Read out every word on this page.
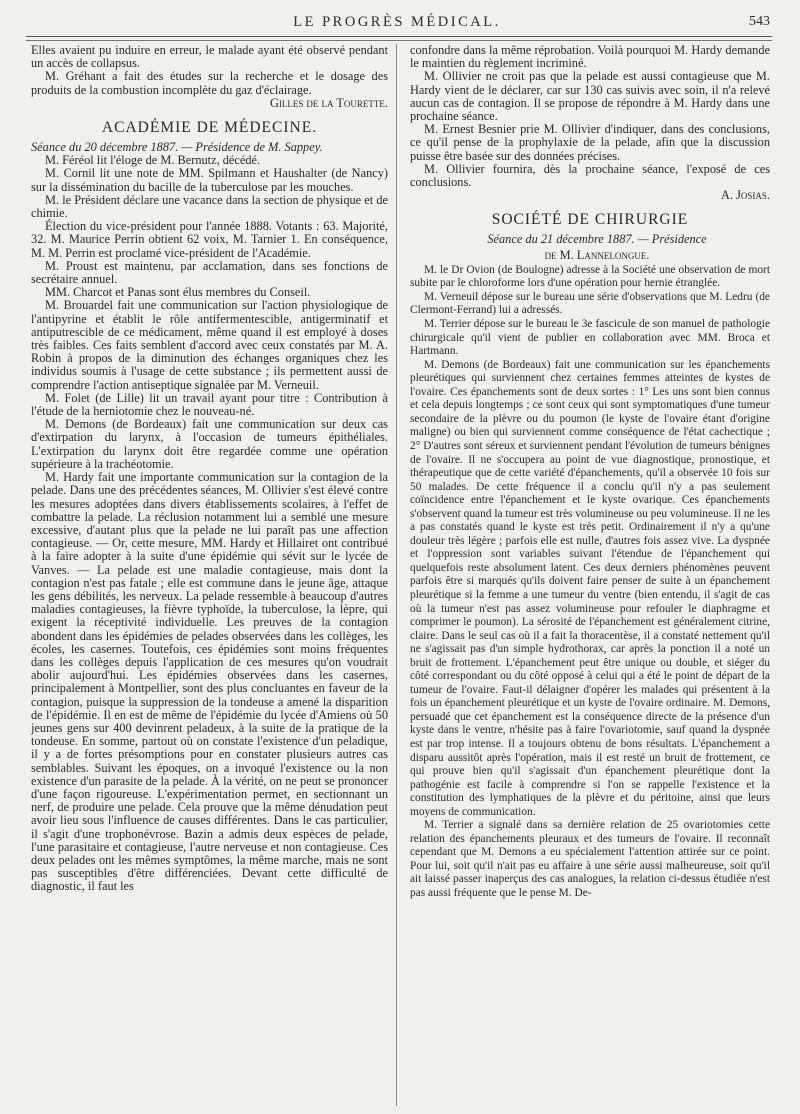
LE PROGRÈS MÉDICAL.	543

Elles avaient pu induire en erreur, le malade ayant été observé pendant un accès de collapsus.

M. Gréhant a fait des études sur la recherche et le dosage des produits de la combustion incomplète du gaz d'éclairage.

Gilles de la Tourette.

ACADÉMIE DE MÉDECINE.

Séance du 20 décembre 1887. — Présidence de M. Sappey.

M. Féréol lit l'éloge de M. Bernutz, décédé.

M. Cornil lit une note de MM. Spilmann et Haushalter (de Nancy) sur la dissémination du bacille de la tuberculose par les mouches.

M. le Président déclare une vacance dans la section de physique et de chimie.

Élection du vice-président pour l'année 1888. Votants : 63. Majorité, 32. M. Maurice Perrin obtient 62 voix, M. Tarnier 1. En conséquence, M. M. Perrin est proclamé vice-président de l'Académie.

M. Proust est maintenu, par acclamation, dans ses fonctions de secrétaire annuel.

MM. Charcot et Panas sont élus membres du Conseil.

M. Brouardel fait une communication sur l'action physiologique de l'antipyrine et établit le rôle antifermentescible, antigerminatif et antiputrescible de ce médicament, même quand il est employé à doses très faibles. Ces faits semblent d'accord avec ceux constatés par M. A. Robin à propos de la diminution des échanges organiques chez les individus soumis à l'usage de cette substance ; ils permettent aussi de comprendre l'action antiseptique signalée par M. Verneuil.

M. Folet (de Lille) lit un travail ayant pour titre : Contribution à l'étude de la herniotomie chez le nouveau-né.

M. Demons (de Bordeaux) fait une communication sur deux cas d'extirpation du larynx, à l'occasion de tumeurs épithéliales. L'extirpation du larynx doit être regardée comme une opération supérieure à la trachéotomie.

M. Hardy fait une importante communication sur la contagion de la pelade. Dans une des précédentes séances, M. Ollivier s'est élevé contre les mesures adoptées dans divers établissements scolaires, à l'effet de combattre la pelade. La réclusion notamment lui a semblé une mesure excessive, d'autant plus que la pelade ne lui paraît pas une affection contagieuse. — Or, cette mesure, MM. Hardy et Hillairet ont contribué à la faire adopter à la suite d'une épidémie qui sévit sur le lycée de Vanves. — La pelade est une maladie contagieuse, mais dont la contagion n'est pas fatale ; elle est commune dans le jeune âge, attaque les gens débilités, les nerveux. La pelade ressemble à beaucoup d'autres maladies contagieuses, la fièvre typhoïde, la tuberculose, la lèpre, qui exigent la réceptivité individuelle. Les preuves de la contagion abondent dans les épidémies de pelades observées dans les collèges, les écoles, les casernes. Toutefois, ces épidémies sont moins fréquentes dans les collèges depuis l'application de ces mesures qu'on voudrait abolir aujourd'hui. Les épidémies observées dans les casernes, principalement à Montpellier, sont des plus concluantes en faveur de la contagion, puisque la suppression de la tondeuse a amené la disparition de l'épidémie. Il en est de même de l'épidémie du lycée d'Amiens où 50 jeunes gens sur 400 devinrent peladeux, à la suite de la pratique de la tondeuse. En somme, partout où on constate l'existence d'un peladique, il y a de fortes présomptions pour en constater plusieurs autres cas semblables. Suivant les époques, on a invoqué l'existence ou la non existence d'un parasite de la pelade. À la vérité, on ne peut se prononcer d'une façon rigoureuse. L'expérimentation permet, en sectionnant un nerf, de produire une pelade. Cela prouve que la même dénudation peut avoir lieu sous l'influence de causes différentes. Dans le cas particulier, il s'agit d'une trophonévrose. Bazin a admis deux espèces de pelade, l'une parasitaire et contagieuse, l'autre nerveuse et non contagieuse. Ces deux pelades ont les mêmes symptômes, la même marche, mais ne sont pas susceptibles d'être différenciées. Devant cette difficulté de diagnostic, il faut les

confondre dans la même réprobation. Voilà pourquoi M. Hardy demande le maintien du règlement incriminé.

M. Ollivier ne croit pas que la pelade est aussi contagieuse que M. Hardy vient de le déclarer, car sur 130 cas suivis avec soin, il n'a relevé aucun cas de contagion. Il se propose de répondre à M. Hardy dans une prochaine séance.

M. Ernest Besnier prie M. Ollivier d'indiquer, dans des conclusions, ce qu'il pense de la prophylaxie de la pelade, afin que la discussion puisse être basée sur des données précises.

M. Ollivier fournira, dès la prochaine séance, l'exposé de ces conclusions.

A. Josias.

SOCIÉTÉ DE CHIRURGIE

Séance du 21 décembre 1887. — Présidence

de M. Lannelongue.

M. le Dr Ovion (de Boulogne) adresse à la Société une observation de mort subite par le chloroforme lors d'une opération pour hernie étranglée.

M. Verneuil dépose sur le bureau une série d'observations que M. Ledru (de Clermont-Ferrand) lui a adressés.

M. Terrier dépose sur le bureau le 3e fascicule de son manuel de pathologie chirurgicale qu'il vient de publier en collaboration avec MM. Broca et Hartmann.

M. Demons (de Bordeaux) fait une communication sur les épanchements pleurétiques qui surviennent chez certaines femmes atteintes de kystes de l'ovaire. Ces épanchements sont de deux sortes : 1° Les uns sont bien connus et cela depuis longtemps ; ce sont ceux qui sont symptomatiques d'une tumeur secondaire de la plèvre ou du poumon (le kyste de l'ovaire étant d'origine maligne) ou bien qui surviennent comme conséquence de l'état cachectique ; 2° D'autres sont séreux et surviennent pendant l'évolution de tumeurs bénignes de l'ovaire. Il ne s'occupera au point de vue diagnostique, pronostique, et thérapeutique que de cette variété d'épanchements, qu'il a observée 10 fois sur 50 malades. De cette fréquence il a conclu qu'il n'y a pas seulement coïncidence entre l'épanchement et le kyste ovarique. Ces épanchements s'observent quand la tumeur est très volumineuse ou peu volumineuse. Il ne les a pas constatés quand le kyste est très petit. Ordinairement il n'y a qu'une douleur très légère ; parfois elle est nulle, d'autres fois assez vive. La dyspnée et l'oppression sont variables suivant l'étendue de l'épanchement qui quelquefois reste absolument latent. Ces deux derniers phénomènes peuvent parfois être si marqués qu'ils doivent faire penser de suite à un épanchement pleurétique si la femme a une tumeur du ventre (bien entendu, il s'agit de cas où la tumeur n'est pas assez volumineuse pour refouler le diaphragme et comprimer le poumon). La sérosité de l'épanchement est généralement citrine, claire. Dans le seul cas où il a fait la thoracentèse, il a constaté nettement qu'il ne s'agissait pas d'un simple hydrothorax, car après la ponction il a noté un bruit de frottement. L'épanchement peut être unique ou double, et siéger du côté correspondant ou du côté opposé à celui qui a été le point de départ de la tumeur de l'ovaire. Faut-il délaigner d'opérer les malades qui présentent à la fois un épanchement pleurétique et un kyste de l'ovaire ordinaire. M. Demons, persuadé que cet épanchement est la conséquence directe de la présence d'un kyste dans le ventre, n'hésite pas à faire l'ovariotomie, sauf quand la dyspnée est par trop intense. Il a toujours obtenu de bons résultats. L'épanchement a disparu aussitôt après l'opération, mais il est resté un bruit de frottement, ce qui prouve bien qu'il s'agissait d'un épanchement pleurétique dont la pathogénie est facile à comprendre si l'on se rappelle l'existence et la constitution des lymphatiques de la plèvre et du péritoine, ainsi que leurs moyens de communication.

M. Terrier a signalé dans sa dernière relation de 25 ovariotomies cette relation des épanchements pleuraux et des tumeurs de l'ovaire. Il reconnaît cependant que M. Demons a eu spécialement l'attention attirée sur ce point. Pour lui, soit qu'il n'ait pas eu affaire à une série aussi malheureuse, soit qu'il ait laissé passer inaperçus des cas analogues, la relation ci-dessus étudiée n'est pas aussi fréquente que le pense M. De-
